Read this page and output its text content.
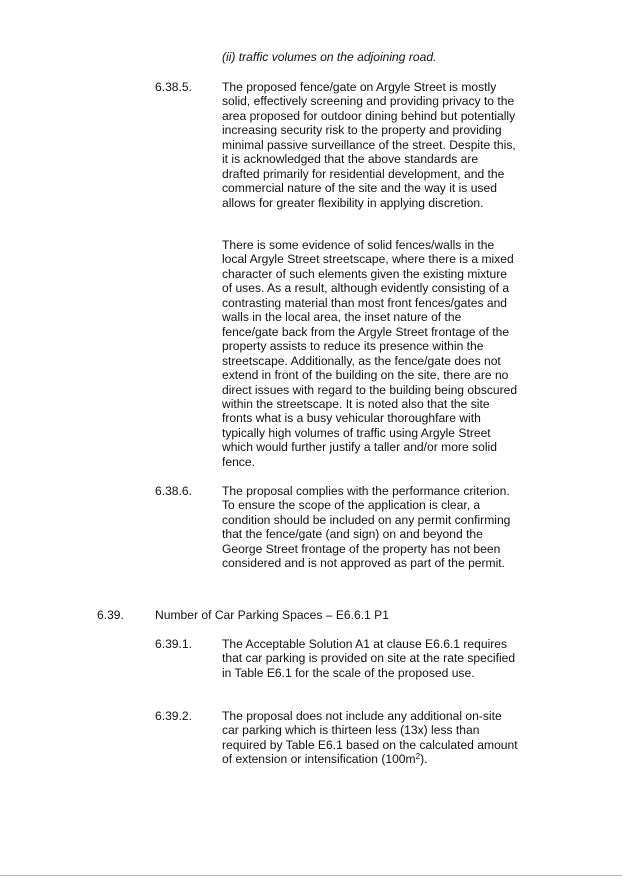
(ii) traffic volumes on the adjoining road.

6.38.5. The proposed fence/gate on Argyle Street is mostly solid, effectively screening and providing privacy to the area proposed for outdoor dining behind but potentially increasing security risk to the property and providing minimal passive surveillance of the street. Despite this, it is acknowledged that the above standards are drafted primarily for residential development, and the commercial nature of the site and the way it is used allows for greater flexibility in applying discretion.

There is some evidence of solid fences/walls in the local Argyle Street streetscape, where there is a mixed character of such elements given the existing mixture of uses. As a result, although evidently consisting of a contrasting material than most front fences/gates and walls in the local area, the inset nature of the fence/gate back from the Argyle Street frontage of the property assists to reduce its presence within the streetscape. Additionally, as the fence/gate does not extend in front of the building on the site, there are no direct issues with regard to the building being obscured within the streetscape. It is noted also that the site fronts what is a busy vehicular thoroughfare with typically high volumes of traffic using Argyle Street which would further justify a taller and/or more solid fence.

6.38.6. The proposal complies with the performance criterion. To ensure the scope of the application is clear, a condition should be included on any permit confirming that the fence/gate (and sign) on and beyond the George Street frontage of the property has not been considered and is not approved as part of the permit.

6.39.	Number of Car Parking Spaces – E6.6.1 P1
6.39.1. The Acceptable Solution A1 at clause E6.6.1 requires that car parking is provided on site at the rate specified in Table E6.1 for the scale of the proposed use.

6.39.2. The proposal does not include any additional on-site car parking which is thirteen less (13x) less than required by Table E6.1 based on the calculated amount of extension or intensification $(100m^2)$.
